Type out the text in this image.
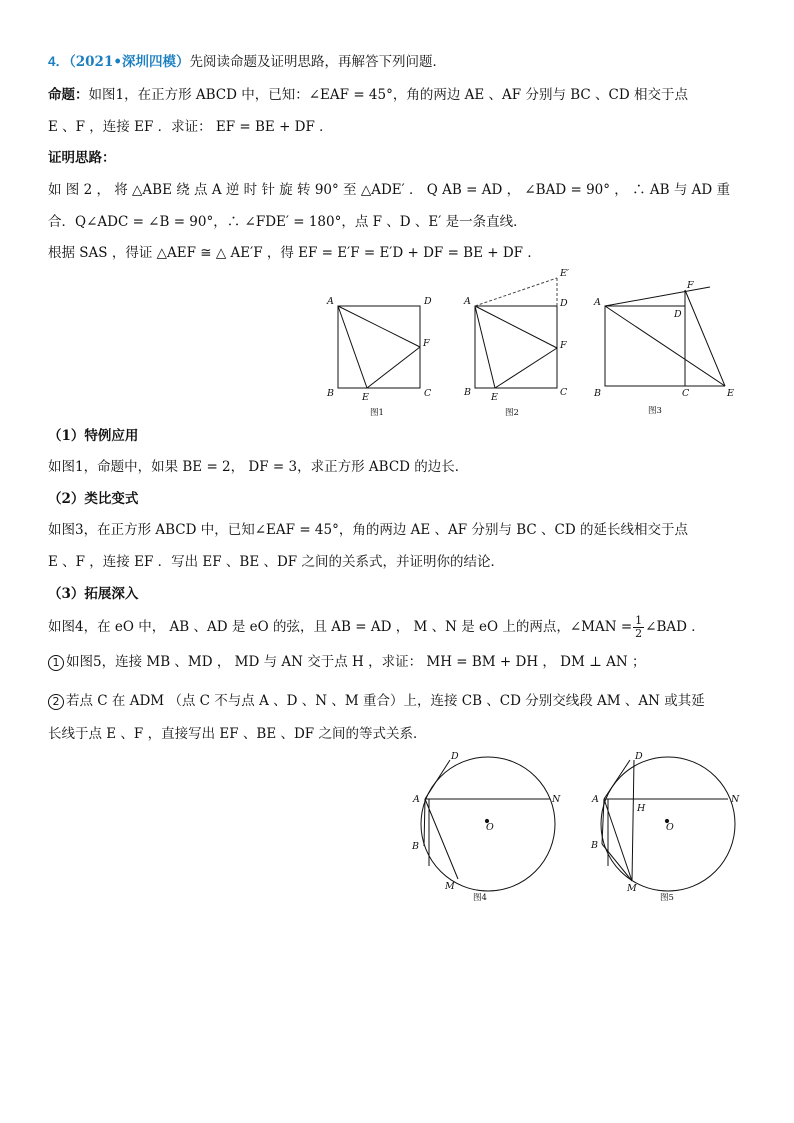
4．（2021•深圳四模）先阅读命题及证明思路，再解答下列问题．
命题：如图1，在正方形 ABCD 中，已知：∠EAF = 45°，角的两边 AE 、AF 分别与 BC 、CD 相交于点
E 、F ，连接 EF ．求证： EF = BE + DF ．
证明思路：
如 图 2 ， 将 △ABE 绕 点 A 逆 时 针 旋 转 90° 至 △ADE′ ． Q AB = AD ， ∠BAD = 90° ， ∴ AB 与 AD 重
合．Q∠ADC = ∠B = 90°，∴ ∠FDE′ = 180°，点 F 、D 、E′ 是一条直线．
根据 SAS ，得证 △AEF ≅ △ AE′F ，得 EF = E′F = E′D + DF = BE + DF ．
A	D
B	C
E
F
图1
A
E′
D
B	C
E
F
图2
A
F
D
B	C	E
图3
（1）特例应用
如图1，命题中，如果 BE = 2， DF = 3，求正方形 ABCD 的边长．
（2）类比变式
如图3，在正方形 ABCD 中，已知∠EAF = 45°，角的两边 AE 、AF 分别与 BC 、CD 的延长线相交于点
E 、F ，连接 EF ．写出 EF 、BE 、DF 之间的关系式，并证明你的结论．
（3）拓展深入
如图4，在 eO 中， AB 、AD 是 eO 的弦，且 AB = AD ， M 、N 是 eO 上的两点，∠MAN = $\frac{1}{2}$ ∠BAD ．
1 如图5，连接 MB 、MD ， MD 与 AN 交于点 H ，求证： MH = BM + DH ， DM ⊥ AN ；
2 若点 C 在 ADM （点 C 不与点 A 、D 、N 、M 重合）上，连接 CB 、CD 分别交线段 AM 、AN 或其延
长线于点 E 、F ，直接写出 EF 、BE 、DF 之间的等式关系．
A
D
N
B
M
O
图4
A
D
H
N
B
M
O
图5
